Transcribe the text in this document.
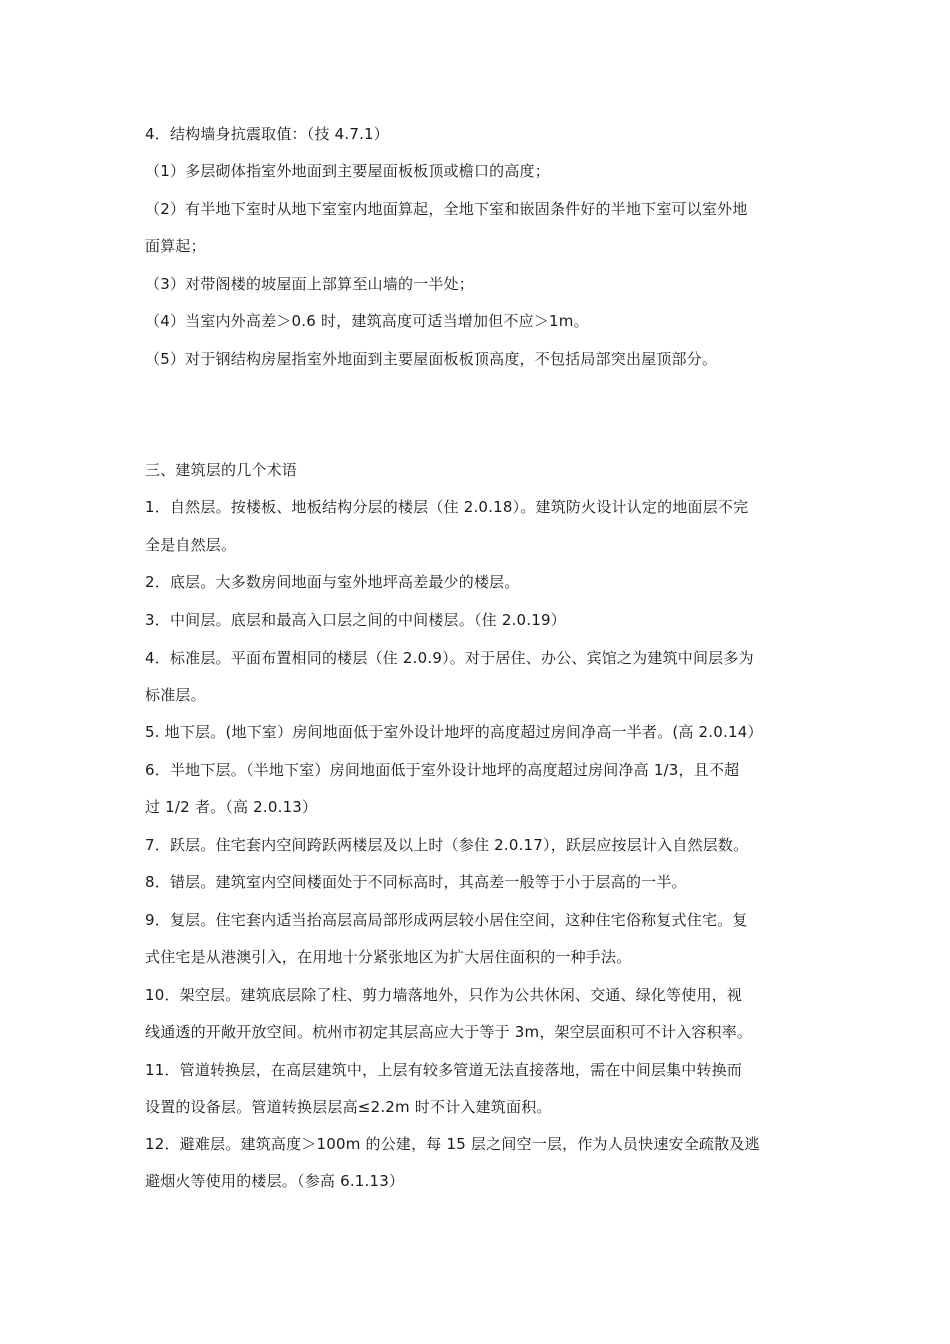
4．结构墙身抗震取值：（技 4.7.1）
（1）多层砌体指室外地面到主要屋面板板顶或檐口的高度；
（2）有半地下室时从地下室室内地面算起，全地下室和嵌固条件好的半地下室可以室外地
面算起；
（3）对带阁楼的坡屋面上部算至山墙的一半处；
（4）当室内外高差＞0.6 时，建筑高度可适当增加但不应＞1m。
（5）对于钢结构房屋指室外地面到主要屋面板板顶高度，不包括局部突出屋顶部分。
三、建筑层的几个术语
1．自然层。按楼板、地板结构分层的楼层（住 2.0.18）。建筑防火设计认定的地面层不完
全是自然层。
2．底层。大多数房间地面与室外地坪高差最少的楼层。
3．中间层。底层和最高入口层之间的中间楼层。（住 2.0.19）
4．标准层。平面布置相同的楼层（住 2.0.9）。对于居住、办公、宾馆之为建筑中间层多为
标准层。
5. 地下层。(地下室）房间地面低于室外设计地坪的高度超过房间净高一半者。(高 2.0.14）
6．半地下层。（半地下室）房间地面低于室外设计地坪的高度超过房间净高 1/3，且不超
过 1/2 者。（高 2.0.13）
7．跃层。住宅套内空间跨跃两楼层及以上时（参住 2.0.17），跃层应按层计入自然层数。
8．错层。建筑室内空间楼面处于不同标高时，其高差一般等于小于层高的一半。
9．复层。住宅套内适当抬高层高局部形成两层较小居住空间，这种住宅俗称复式住宅。复
式住宅是从港澳引入，在用地十分紧张地区为扩大居住面积的一种手法。
10．架空层。建筑底层除了柱、剪力墙落地外，只作为公共休闲、交通、绿化等使用，视
线通透的开敞开放空间。杭州市初定其层高应大于等于 3m，架空层面积可不计入容积率。
11．管道转换层，在高层建筑中，上层有较多管道无法直接落地，需在中间层集中转换而
设置的设备层。管道转换层层高≤2.2m 时不计入建筑面积。
12．避难层。建筑高度＞100m 的公建，每 15 层之间空一层，作为人员快速安全疏散及逃
避烟火等使用的楼层。（参高 6.1.13）
